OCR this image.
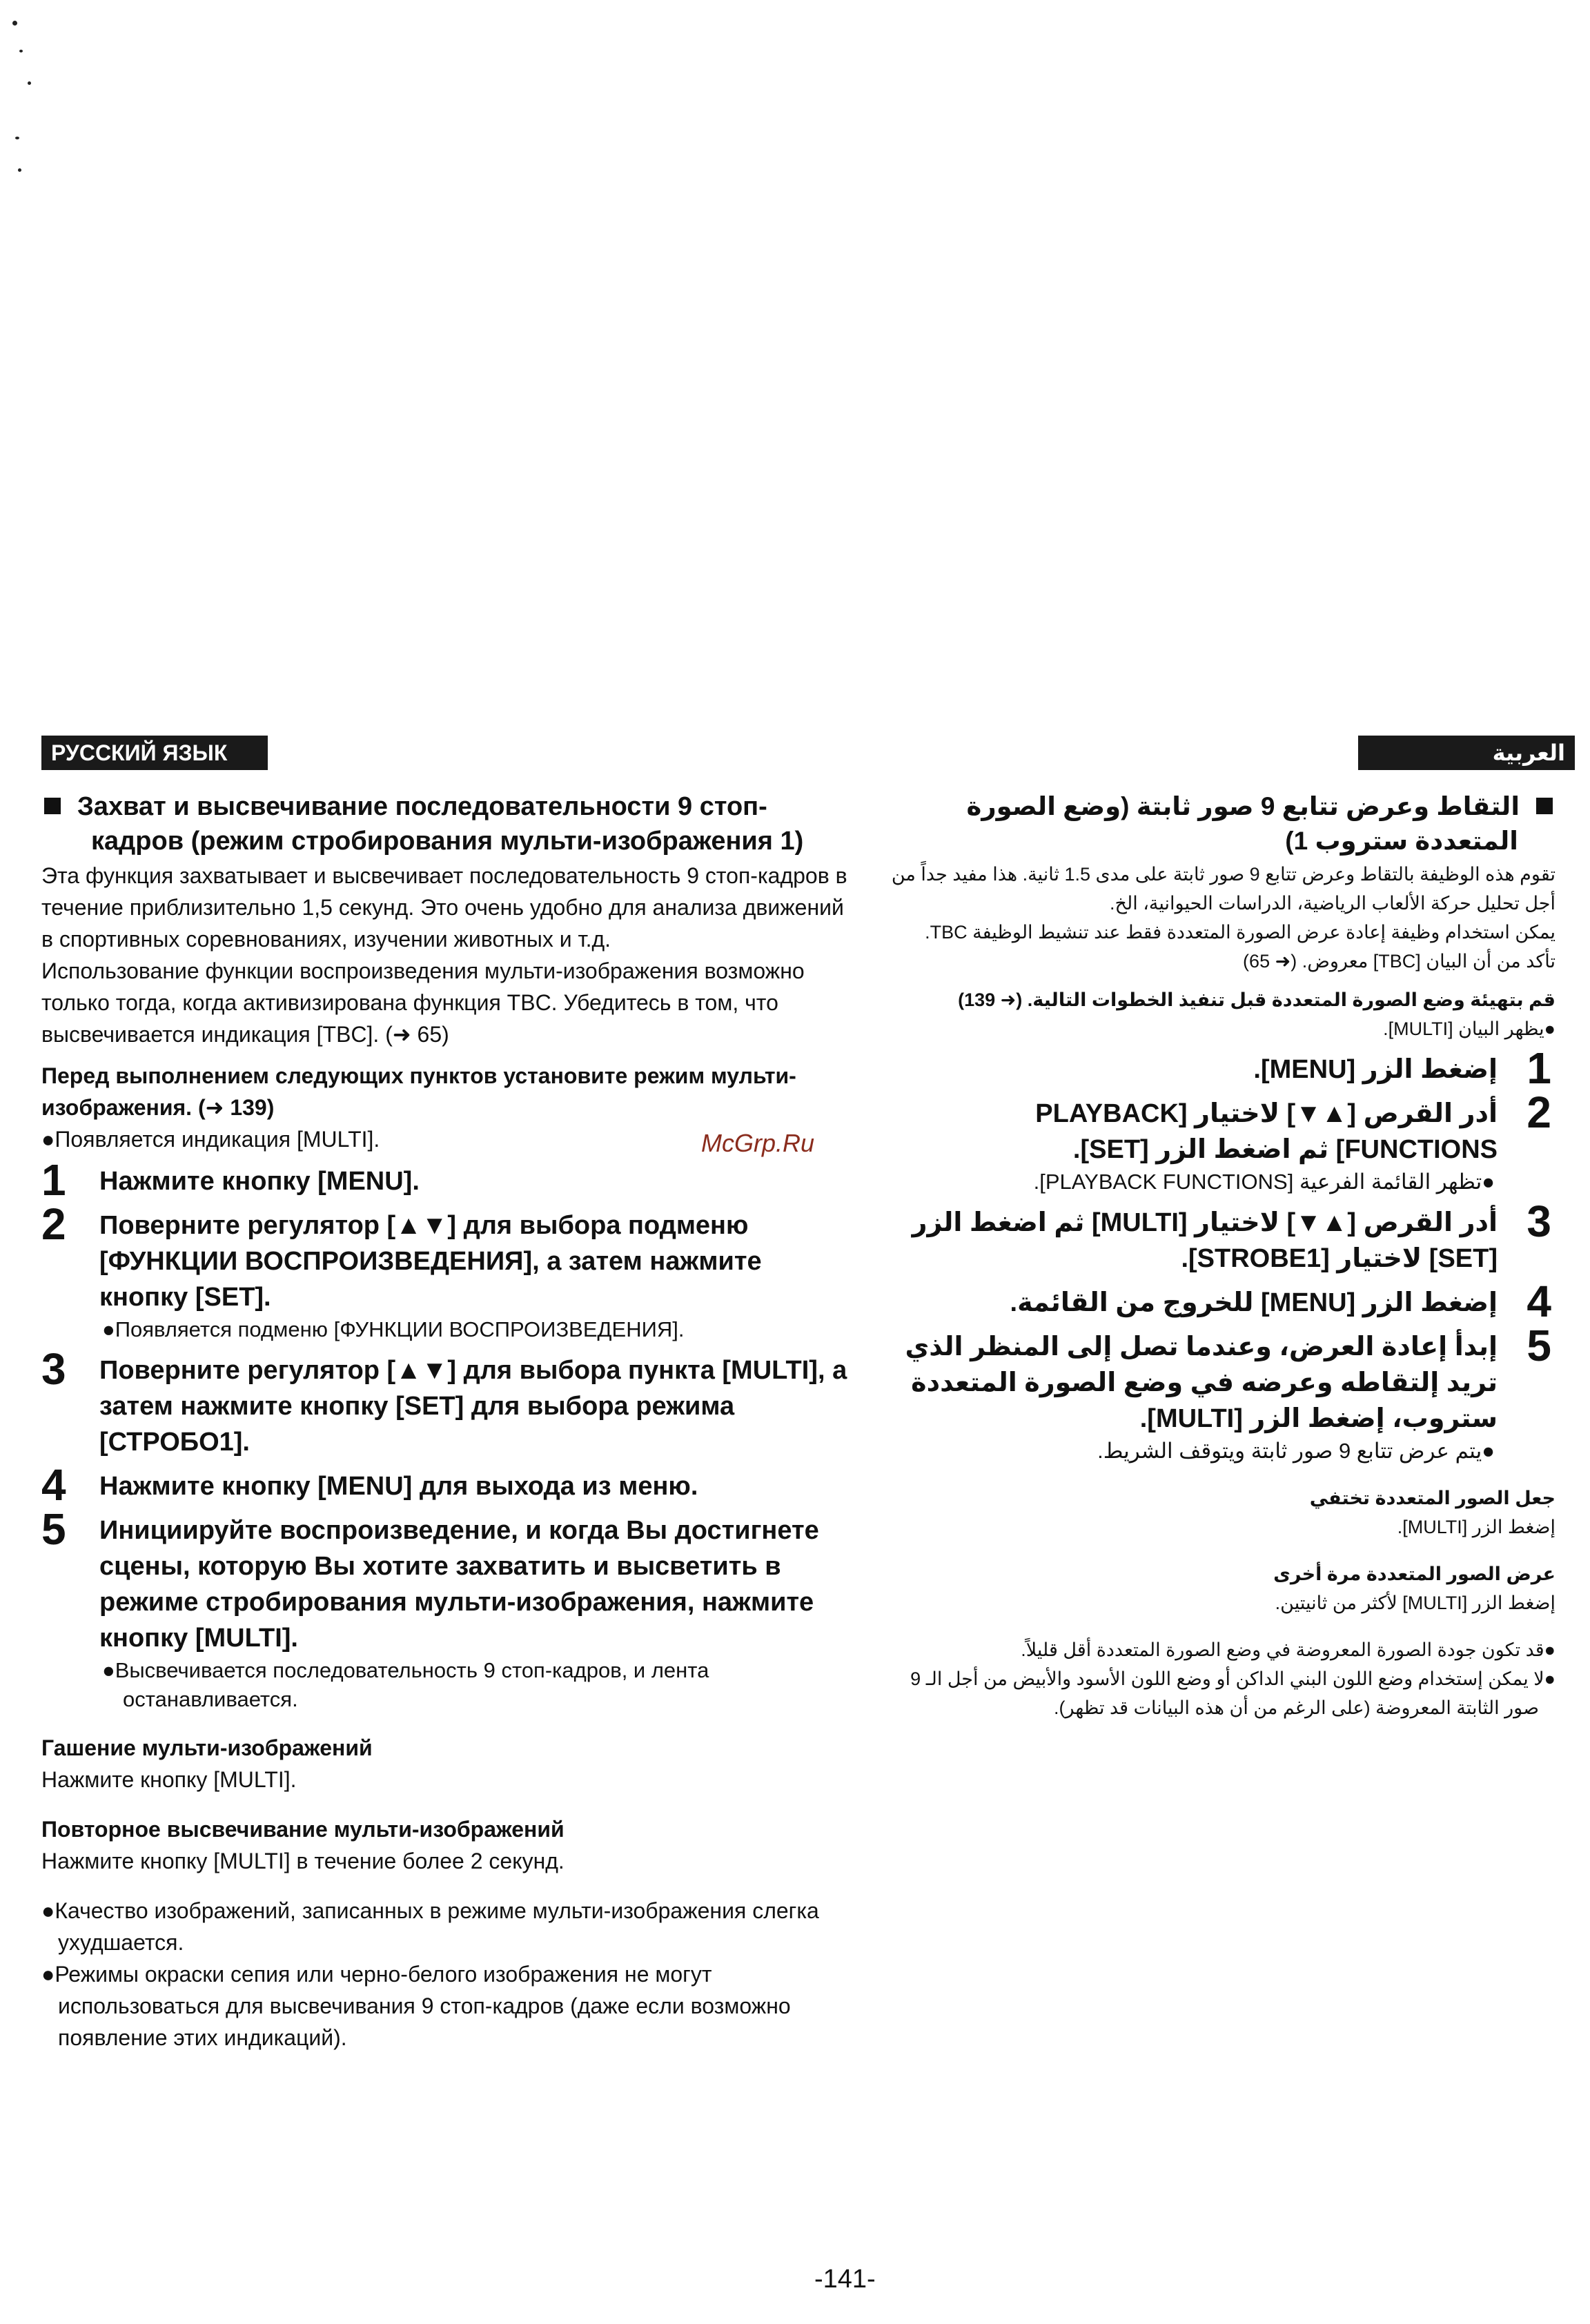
РУССКИЙ ЯЗЫК	العربية
Захват и высвечивание последовательности 9 стоп-кадров (режим стробирования мульти-изображения 1)

Эта функция захватывает и высвечивает последовательность 9 стоп-кадров в течение приблизительно 1,5 секунд. Это очень удобно для анализа движений в спортивных соревнованиях, изучении животных и т.д.

Использование функции воспроизведения мульти-изображения возможно только тогда, когда активизирована функция TBC. Убедитесь в том, что высвечивается индикация [TBC]. (➜ 65)

Перед выполнением следующих пунктов установите режим мульти-изображения. (➜ 139)

●Появляется индикация [MULTI].

1 Нажмите кнопку [MENU].
2 Поверните регулятор [▲▼] для выбора подменю [ФУНКЦИИ ВОСПРОИЗВЕДЕНИЯ], а затем нажмите кнопку [SET].
●Появляется подменю [ФУНКЦИИ ВОСПРОИЗВЕДЕНИЯ].
3 Поверните регулятор [▲▼] для выбора пункта [MULTI], а затем нажмите кнопку [SET] для выбора режима [СТРОБО1].
4 Нажмите кнопку [MENU] для выхода из меню.
5 Инициируйте воспроизведение, и когда Вы достигнете сцены, которую Вы хотите захватить и высветить в режиме стробирования мульти-изображения, нажмите кнопку [MULTI].
●Высвечивается последовательность 9 стоп-кадров, и лента останавливается.

Гашение мульти-изображений

Нажмите кнопку [MULTI].

Повторное высвечивание мульти-изображений

Нажмите кнопку [MULTI] в течение более 2 секунд.

●Качество изображений, записанных в режиме мульти-изображения слегка ухудшается.

●Режимы окраски сепия или черно-белого изображения не могут использоваться для высвечивания 9 стоп-кадров (даже если возможно появление этих индикаций).

التقاط وعرض تتابع 9 صور ثابتة (وضع الصورة المتعددة ستروب 1)

تقوم هذه الوظيفة بالتقاط وعرض تتابع 9 صور ثابتة على مدى 1.5 ثانية. هذا مفيد جداً من أجل تحليل حركة الألعاب الرياضية، الدراسات الحيوانية، الخ.

يمكن استخدام وظيفة إعادة عرض الصورة المتعددة فقط عند تنشيط الوظيفة TBC. تأكد من أن البيان [TBC] معروض. (➜ 65)

قم بتهيئة وضع الصورة المتعددة قبل تنفيذ الخطوات التالية. (➜ 139)

●يظهر البيان [MULTI].

1
إضغط الزر [MENU].
2
أدر القرص [▲▼] لاختيار [PLAYBACK FUNCTIONS] ثم اضغط الزر [SET].
●تظهر القائمة الفرعية [PLAYBACK FUNCTIONS].
3
أدر القرص [▲▼] لاختيار [MULTI] ثم اضغط الزر [SET] لاختيار [STROBE1].
4
إضغط الزر [MENU] للخروج من القائمة.
5
إبدأ إعادة العرض، وعندما تصل إلى المنظر الذي تريد إلتقاطه وعرضه في وضع الصورة المتعددة ستروب، إضغط الزر [MULTI].
●يتم عرض تتابع 9 صور ثابتة ويتوقف الشريط.

جعل الصور المتعددة تختفي

إضغط الزر [MULTI].

عرض الصور المتعددة مرة أخرى

إضغط الزر [MULTI] لأكثر من ثانيتين.

●قد تكون جودة الصورة المعروضة في وضع الصورة المتعددة أقل قليلاً.

●لا يمكن إستخدام وضع اللون البني الداكن أو وضع اللون الأسود والأبيض من أجل الـ 9 صور الثابتة المعروضة (على الرغم من أن هذه البيانات قد تظهر).

McGrp.Ru
-141-
